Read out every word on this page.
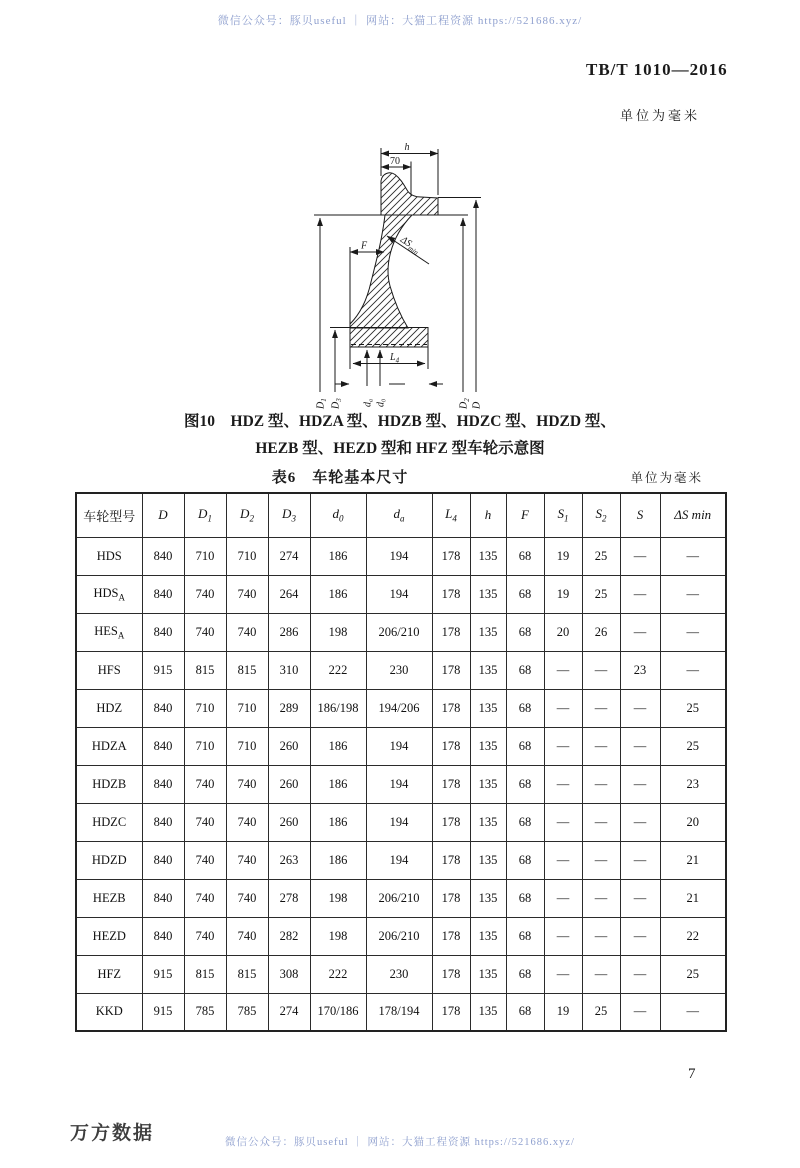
微信公众号：豚贝useful ｜ 网站：大猫工程资源 https://521686.xyz/
TB/T 1010—2016
单位为毫米
h
70
F	$\Delta S_{min}$
$L_4$
$D_1$
$D_3$
$d_a$
$d_0$
$D_2$
D
图10　HDZ 型、HDZA 型、HDZB 型、HDZC 型、HDZD 型、
HEZB 型、HEZD 型和 HFZ 型车轮示意图
表6　车轮基本尺寸	单位为毫米
车轮型号	D	$D_1$	$D_2$	$D_3$	$d_0$	$d_a$	$L_4$	h	F	$S_1$	$S_2$	S	ΔS min
HDS	840	710	710	274	186	194	178	135	68	19	25	—	—
$HDS_A$	840	740	740	264	186	194	178	135	68	19	25	—	—
$HES_A$	840	740	740	286	198	206/210	178	135	68	20	26	—	—
HFS	915	815	815	310	222	230	178	135	68	—	—	23	—
HDZ	840	710	710	289	186/198	194/206	178	135	68	—	—	—	25
HDZA	840	710	710	260	186	194	178	135	68	—	—	—	25
HDZB	840	740	740	260	186	194	178	135	68	—	—	—	23
HDZC	840	740	740	260	186	194	178	135	68	—	—	—	20
HDZD	840	740	740	263	186	194	178	135	68	—	—	—	21
HEZB	840	740	740	278	198	206/210	178	135	68	—	—	—	21
HEZD	840	740	740	282	198	206/210	178	135	68	—	—	—	22
HFZ	915	815	815	308	222	230	178	135	68	—	—	—	25
KKD	915	785	785	274	170/186	178/194	178	135	68	19	25	—	—
7
万方数据	微信公众号：豚贝useful ｜ 网站：大猫工程资源 https://521686.xyz/
